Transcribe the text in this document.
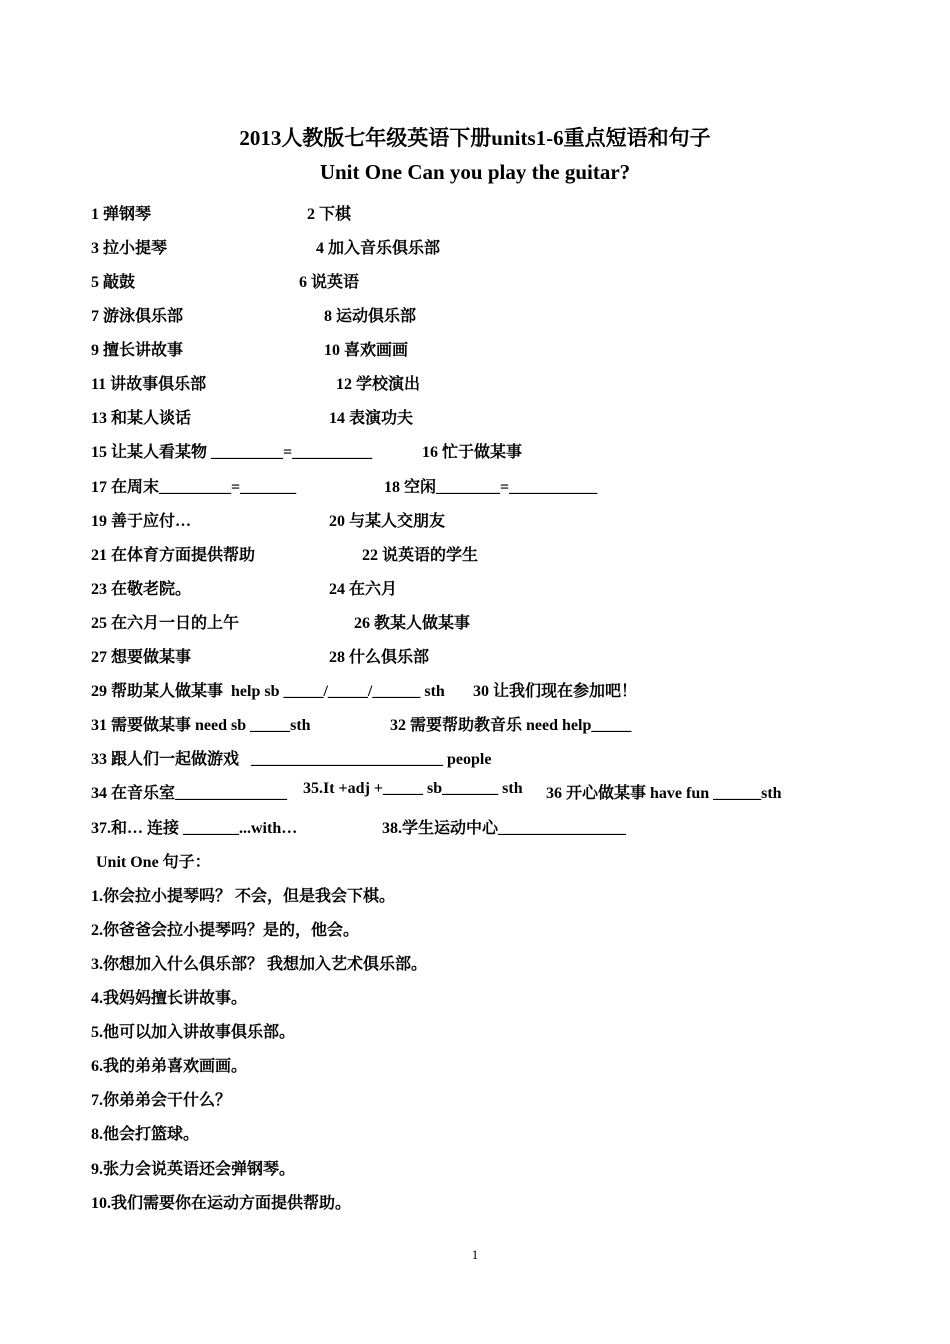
2013人教版七年级英语下册units1-6重点短语和句子
Unit One Can you play the guitar?
1 弹钢琴	2 下棋
3 拉小提琴	4 加入音乐俱乐部
5 敲鼓	6 说英语
7 游泳俱乐部	8 运动俱乐部
9 擅长讲故事	10 喜欢画画
11 讲故事俱乐部	12 学校演出
13 和某人谈话	14 表演功夫
15 让某人看某物 _________=__________	16 忙于做某事
17 在周末_________=_______	18 空闲________=___________
19 善于应付…	20 与某人交朋友
21 在体育方面提供帮助	22 说英语的学生
23 在敬老院。	24 在六月
25 在六月一日的上午	26 教某人做某事
27 想要做某事	28 什么俱乐部
29 帮助某人做某事  help sb _____/_____/______ sth 30 让我们现在参加吧！
31 需要做某事 need sb _____sth	32 需要帮助教音乐 need help_____
33 跟人们一起做游戏   ________________________ people
34 在音乐室______________ 35.It +adj +_____ sb_______ sth 36 开心做某事 have fun ______sth
37.和… 连接 _______...with…	38.学生运动中心________________
Unit One 句子：
1.你会拉小提琴吗？ 不会，但是我会下棋。
2.你爸爸会拉小提琴吗？是的，他会。
3.你想加入什么俱乐部？ 我想加入艺术俱乐部。
4.我妈妈擅长讲故事。
5.他可以加入讲故事俱乐部。
6.我的弟弟喜欢画画。
7.你弟弟会干什么？
8.他会打篮球。
9.张力会说英语还会弹钢琴。
10.我们需要你在运动方面提供帮助。
1
